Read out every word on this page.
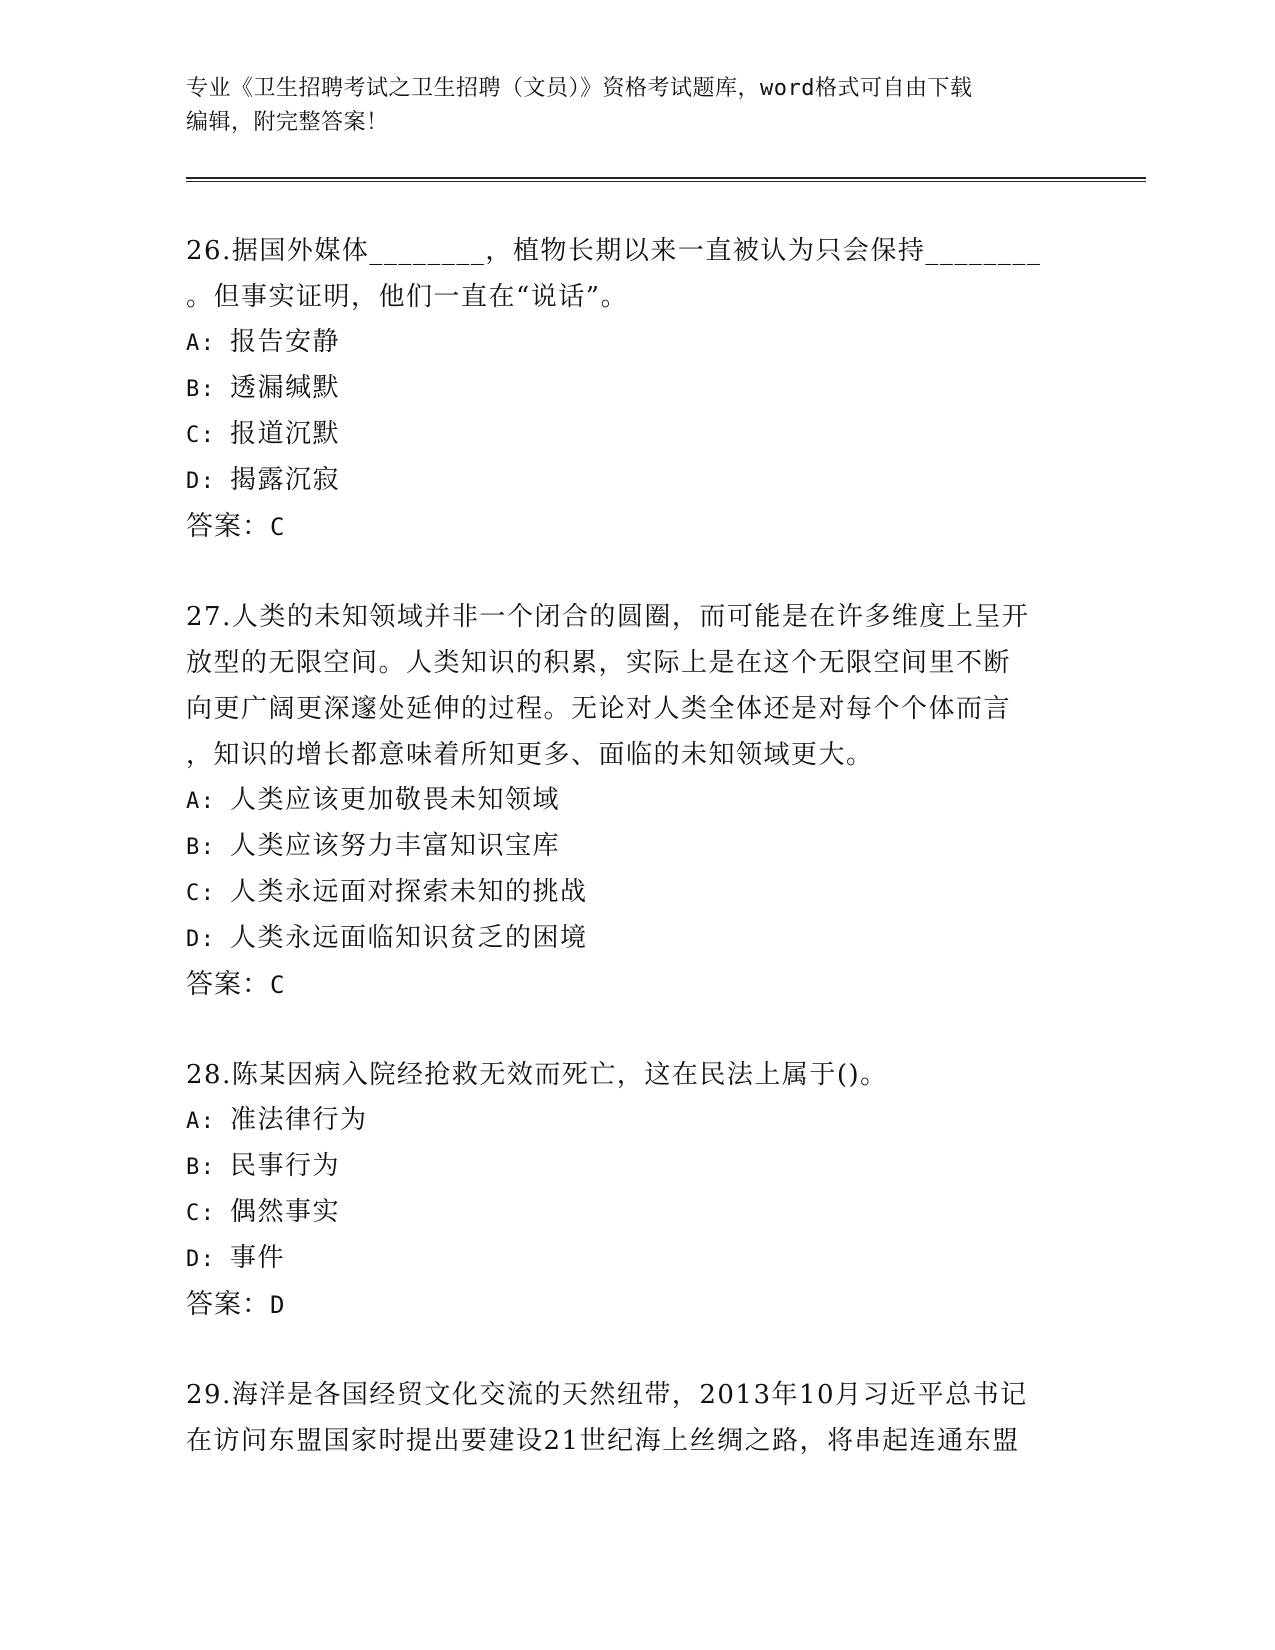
专业《卫生招聘考试之卫生招聘（文员）》资格考试题库，word格式可自由下载
编辑，附完整答案！
26.据国外媒体________，植物长期以来一直被认为只会保持________
。但事实证明，他们一直在“说话”。
A: 报告安静
B: 透漏缄默
C: 报道沉默
D: 揭露沉寂
答案：C
27.人类的未知领域并非一个闭合的圆圈，而可能是在许多维度上呈开
放型的无限空间。人类知识的积累，实际上是在这个无限空间里不断
向更广阔更深邃处延伸的过程。无论对人类全体还是对每个个体而言
，知识的增长都意味着所知更多、面临的未知领域更大。
A: 人类应该更加敬畏未知领域
B: 人类应该努力丰富知识宝库
C: 人类永远面对探索未知的挑战
D: 人类永远面临知识贫乏的困境
答案：C
28.陈某因病入院经抢救无效而死亡，这在民法上属于()。
A: 准法律行为
B: 民事行为
C: 偶然事实
D: 事件
答案：D
29.海洋是各国经贸文化交流的天然纽带，2013年10月习近平总书记
在访问东盟国家时提出要建设21世纪海上丝绸之路，将串起连通东盟
